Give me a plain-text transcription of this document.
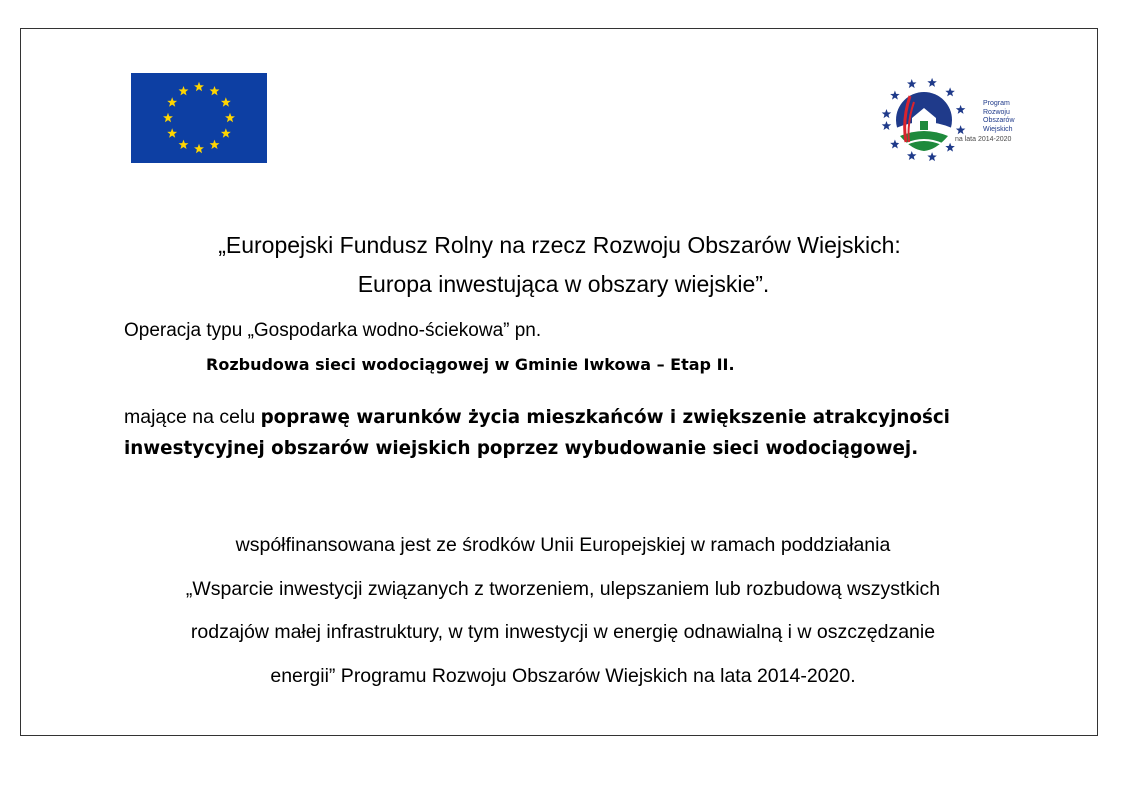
Program
Rozwoju
Obszarów
Wiejskich
na lata 2014-2020
„Europejski Fundusz Rolny na rzecz Rozwoju Obszarów Wiejskich:
Europa inwestująca w obszary wiejskie”.
Operacja typu „Gospodarka wodno-ściekowa” pn.
Rozbudowa sieci wodociągowej w Gminie Iwkowa – Etap II.
mające na celu poprawę warunków życia mieszkańców i zwiększenie atrakcyjności inwestycyjnej obszarów wiejskich poprzez wybudowanie sieci wodociągowej.
współfinansowana jest ze środków Unii Europejskiej w ramach poddziałania
„Wsparcie inwestycji związanych z tworzeniem, ulepszaniem lub rozbudową wszystkich
rodzajów małej infrastruktury, w tym inwestycji w energię odnawialną i w oszczędzanie
energii” Programu Rozwoju Obszarów Wiejskich na lata 2014-2020.
